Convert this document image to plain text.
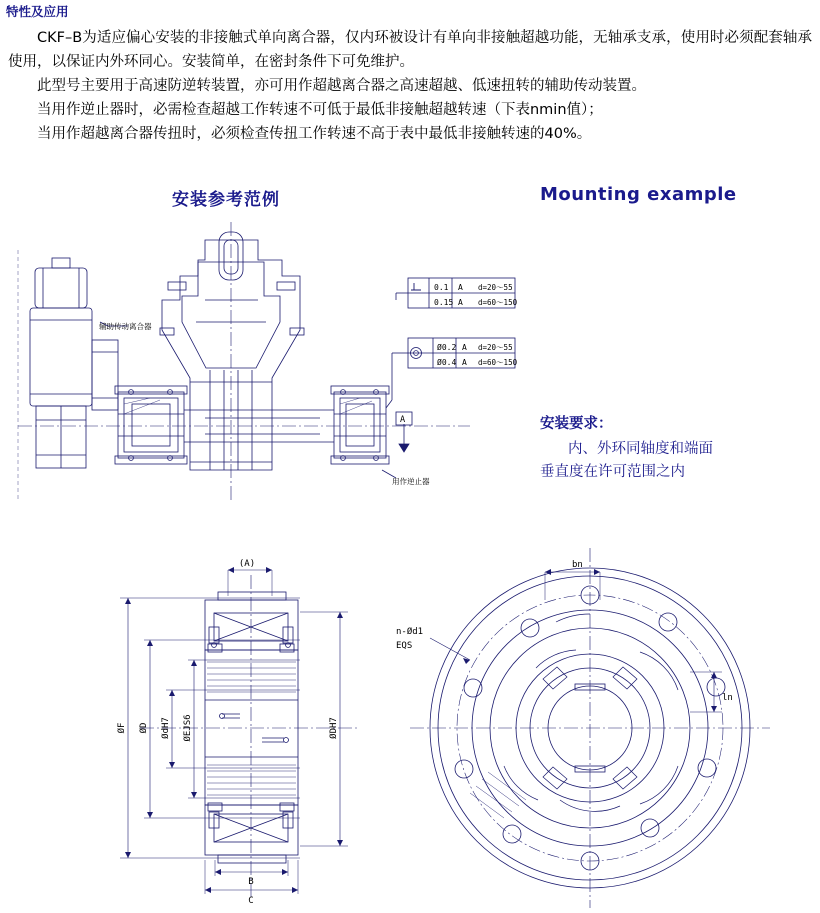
特性及应用

CKF–B为适应偏心安装的非接触式单向离合器，仅内环被设计有单向非接触超越功能，无轴承支承，使用时必须配套轴承使用，以保证内外环同心。安装简单，在密封条件下可免维护。

此型号主要用于高速防逆转装置，亦可用作超越离合器之高速超越、低速扭转的辅助传动装置。

当用作逆止器时，必需检查超越工作转速不可低于最低非接触超越转速（下表nmin值）；

当用作超越离合器传扭时，必须检查传扭工作转速不高于表中最低非接触转速的40%。

安装参考范例	Mounting example
安装要求：
内、外环同轴度和端面
垂直度在许可范围之内
辅助传动离合器
用作逆止器
A
0.1
0.15
A
A
d=20～55
d=60～150
Ø0.2
Ø0.4
A
A
d=20～55
d=60～150
(A)
B
C
ØF ØD ØdH7 ØEJS6	ØDH7
bn
ln
n-Ød1
EQS
